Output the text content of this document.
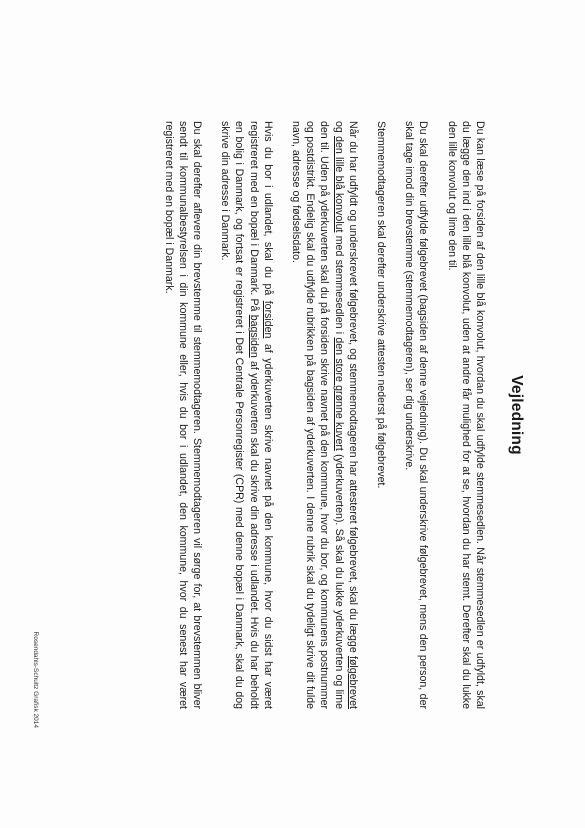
Vejledning

Du kan læse på forsiden af den lille blå konvolut, hvordan du skal udfylde stemmesedlen. Når stemmesedlen er udfyldt, skal du lægge den ind i den lille blå konvolut, uden at andre får mulighed for at se, hvordan du har stemt. Derefter skal du lukke den lille konvolut og lime den til.

Du skal derefter udfylde følgebrevet (bagsiden af denne vejledning). Du skal underskrive følgebrevet, mens den person, der skal tage imod din brevstemme (stemmemodtageren), ser dig underskrive.

Stemmemodtageren skal derefter underskrive attesten nederst på følgebrevet.

Når du har udfyldt og underskrevet følgebrevet, og stemmemodtageren har attesteret følgebrevet, skal du lægge følgebrevet og den lille blå konvolut med stemmesedlen i den store grønne kuvert (yderkuverten). Så skal du lukke yderkuverten og lime den til. Uden på yderkuverten skal du på forsiden skrive navnet på den kommune, hvor du bor, og kommunens postnummer og postdistrikt. Endelig skal du udfylde rubrikken på bagsiden af yderkuverten. I denne rubrik skal du tydeligt skrive dit fulde navn, adresse og fødselsdato.

Hvis du bor i udlandet, skal du på forsiden af yderkuverten skrive navnet på den kommune, hvor du sidst har været registreret med en bopæl i Danmark. På bagsiden af yderkuverten skal du skrive din adresse i udlandet. Hvis du har beholdt en bolig i Danmark, og fortsat er registreret i Det Centrale Personregister (CPR) med denne bopæl i Danmark, skal du dog skrive din adresse i Danmark.

Du skal derefter aflevere din brevstemme til stemmemodtageren. Stemmemodtageren vil sørge for, at brevstemmen bliver sendt til kommunalbestyrelsen i din kommune eller, hvis du bor i udlandet, den kommune, hvor du senest har været registreret med en bopæl i Danmark.

Rosendahls-Schultz Grafisk 2014
